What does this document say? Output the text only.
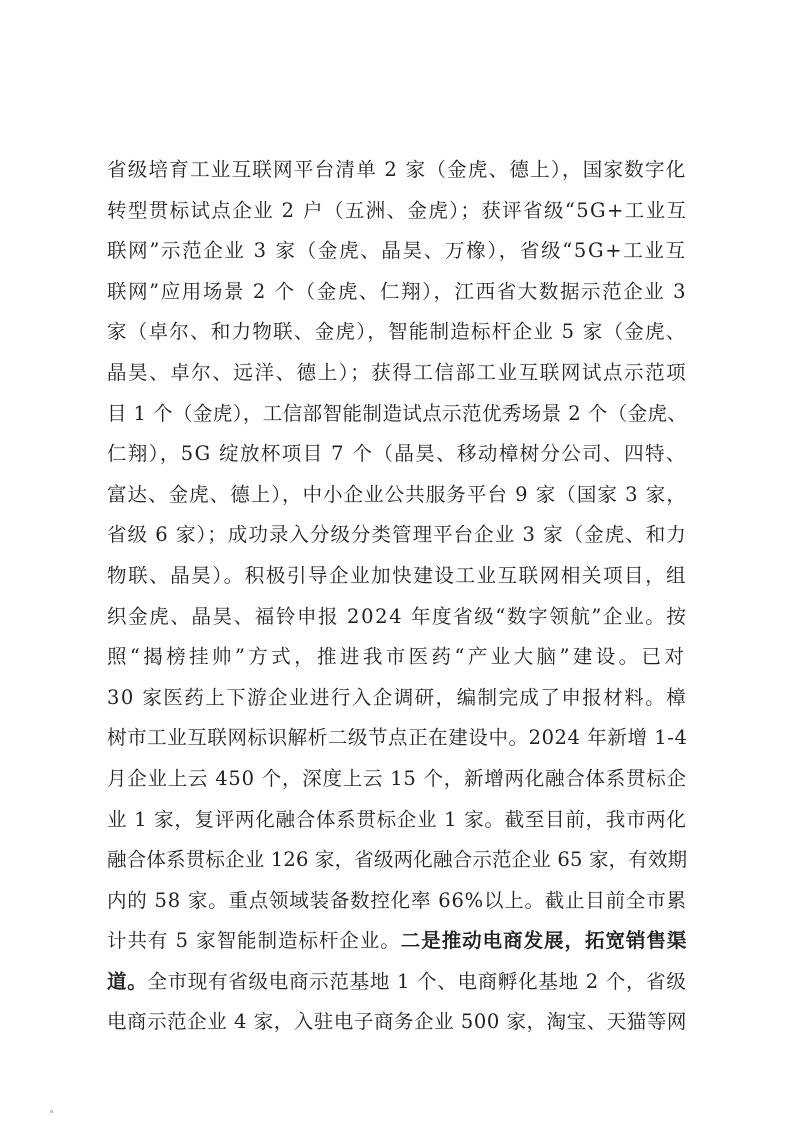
省级培育工业互联网平台清单 2 家（金虎、德上），国家数字化
转型贯标试点企业 2 户（五洲、金虎）；获评省级“5G+工业互
联网”示范企业 3 家（金虎、晶昊、万橡），省级“5G+工业互
联网”应用场景 2 个（金虎、仁翔），江西省大数据示范企业 3
家（卓尔、和力物联、金虎），智能制造标杆企业 5 家（金虎、
晶昊、卓尔、远洋、德上）；获得工信部工业互联网试点示范项
目 1 个（金虎），工信部智能制造试点示范优秀场景 2 个（金虎、
仁翔），5G 绽放杯项目 7 个（晶昊、移动樟树分公司、四特、
富达、金虎、德上），中小企业公共服务平台 9 家（国家 3 家，
省级 6 家）；成功录入分级分类管理平台企业 3 家（金虎、和力
物联、晶昊）。积极引导企业加快建设工业互联网相关项目，组
织金虎、晶昊、福铃申报 2024 年度省级“数字领航”企业。按
照“揭榜挂帅”方式，推进我市医药“产业大脑”建设。已对
30 家医药上下游企业进行入企调研，编制完成了申报材料。樟
树市工业互联网标识解析二级节点正在建设中。2024 年新增 1-4
月企业上云 450 个，深度上云 15 个，新增两化融合体系贯标企
业 1 家，复评两化融合体系贯标企业 1 家。截至目前，我市两化
融合体系贯标企业 126 家，省级两化融合示范企业 65 家，有效期
内的 58 家。重点领域装备数控化率 66%以上。截止目前全市累
计共有 5 家智能制造标杆企业。二是推动电商发展，拓宽销售渠
道。全市现有省级电商示范基地 1 个、电商孵化基地 2 个，省级
电商示范企业 4 家，入驻电子商务企业 500 家，淘宝、天猫等网
